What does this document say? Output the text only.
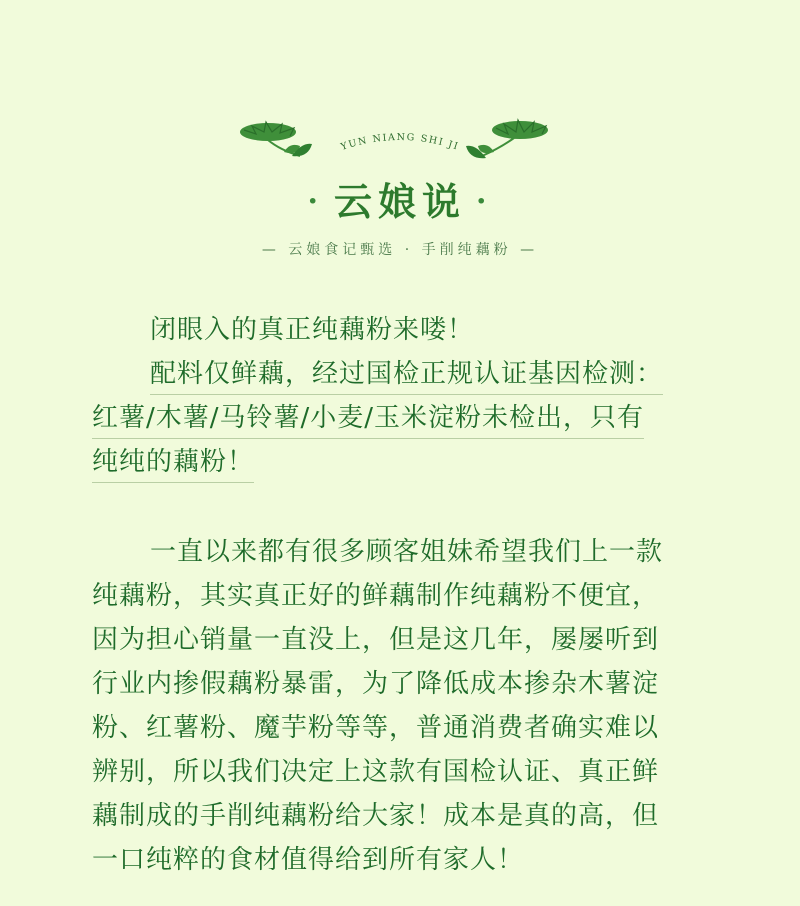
YUN NIANG SHI JI
· 云娘说 ·
— 云娘食记甄选 · 手削纯藕粉 —

闭眼入的真正纯藕粉来喽！

配料仅鲜藕，经过国检正规认证基因检测：

红薯/木薯/马铃薯/小麦/玉米淀粉未检出，只有

纯纯的藕粉！

一直以来都有很多顾客姐妹希望我们上一款

纯藕粉，其实真正好的鲜藕制作纯藕粉不便宜，

因为担心销量一直没上，但是这几年，屡屡听到

行业内掺假藕粉暴雷，为了降低成本掺杂木薯淀

粉、红薯粉、魔芋粉等等，普通消费者确实难以

辨别，所以我们决定上这款有国检认证、真正鲜

藕制成的手削纯藕粉给大家！成本是真的高，但

一口纯粹的食材值得给到所有家人！
